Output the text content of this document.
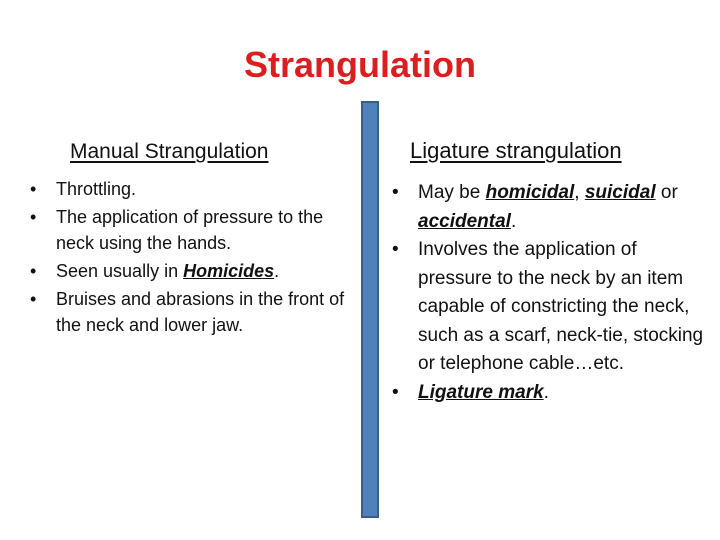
Strangulation
Manual Strangulation
•	Throttling.
•	The application of pressure to the neck using the hands.
•	Seen usually in Homicides.
•	Bruises and abrasions in the front of the neck and lower jaw.
Ligature strangulation
•	May be homicidal, suicidal or accidental.
•	Involves the application of pressure to the neck by an item capable of constricting the neck, such as a scarf, neck-tie, stocking or telephone cable…etc.
•	Ligature mark.
